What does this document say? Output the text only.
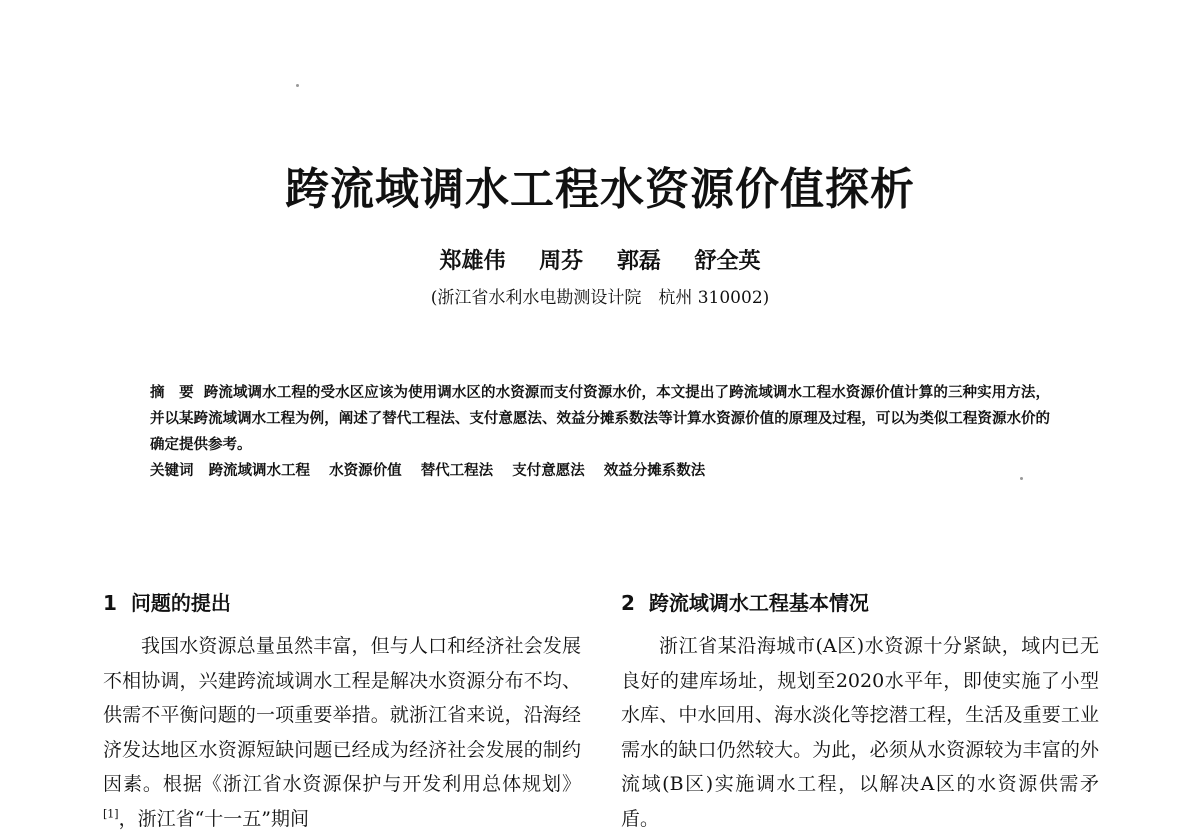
跨流域调水工程水资源价值探析
郑雄伟 周芬 郭磊 舒全英
(浙江省水利水电勘测设计院　杭州 310002)
摘　要 跨流域调水工程的受水区应该为使用调水区的水资源而支付资源水价，本文提出了跨流域调水工程水资源价值计算的三种实用方法，并以某跨流域调水工程为例，阐述了替代工程法、支付意愿法、效益分摊系数法等计算水资源价值的原理及过程，可以为类似工程资源水价的确定提供参考。
关键词 跨流域调水工程 水资源价值 替代工程法 支付意愿法 效益分摊系数法
1 问题的提出
我国水资源总量虽然丰富，但与人口和经济社会发展不相协调，兴建跨流域调水工程是解决水资源分布不均、供需不平衡问题的一项重要举措。就浙江省来说，沿海经济发达地区水资源短缺问题已经成为经济社会发展的制约因素。根据《浙江省水资源保护与开发利用总体规划》[1]，浙江省“十一五”期间
2 跨流域调水工程基本情况
浙江省某沿海城市(A区)水资源十分紧缺，域内已无良好的建库场址，规划至2020水平年，即使实施了小型水库、中水回用、海水淡化等挖潜工程，生活及重要工业需水的缺口仍然较大。为此，必须从水资源较为丰富的外流域(B区)实施调水工程，以解决A区的水资源供需矛盾。
